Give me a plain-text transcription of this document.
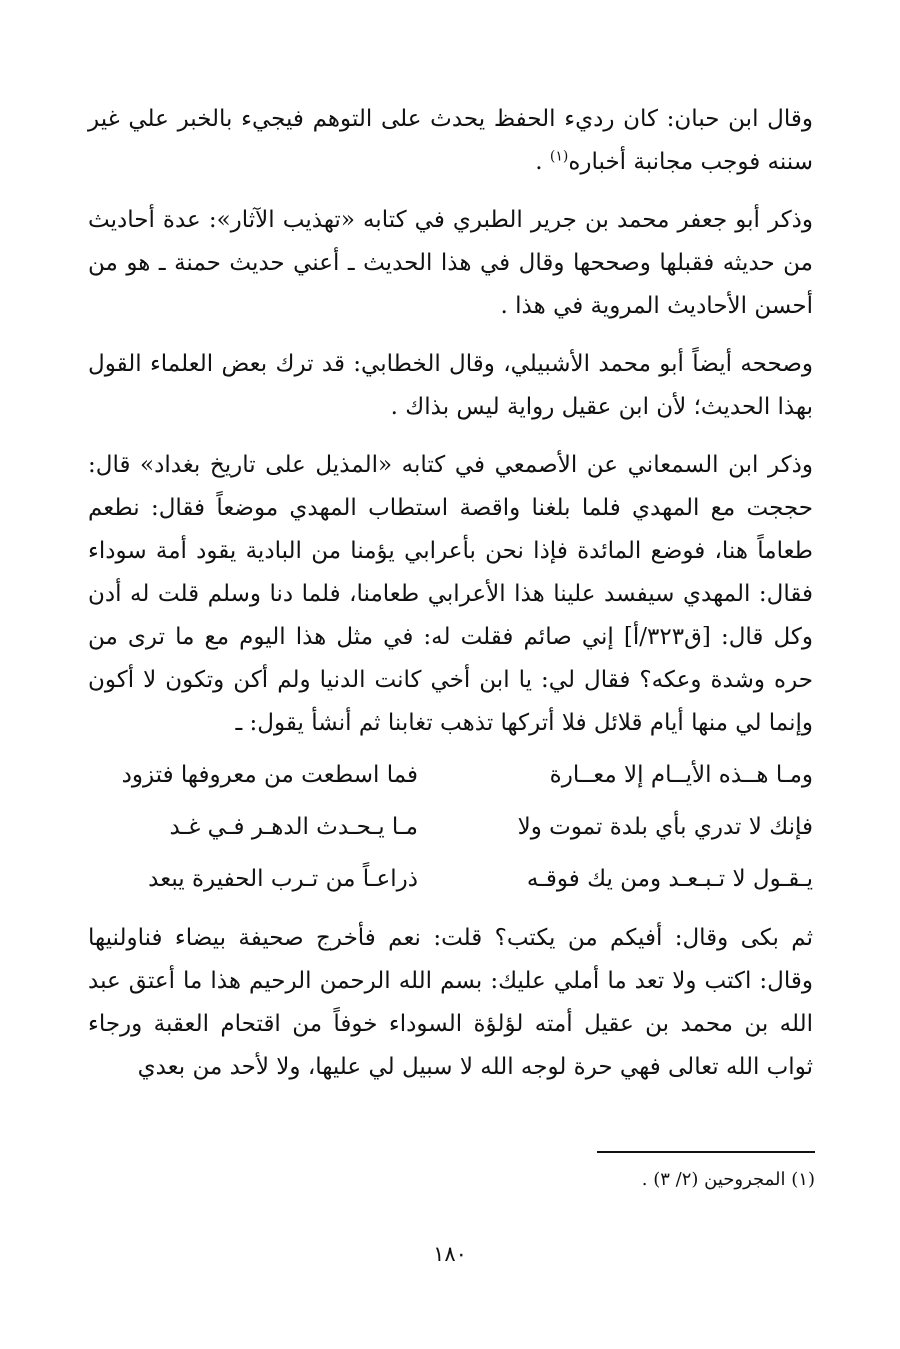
وقال ابن حبان: كان رديء الحفظ يحدث على التوهم فيجيء بالخبر علي غير سننه فوجب مجانبة أخباره$^{(١)}$ .

وذكر أبو جعفر محمد بن جرير الطبري في كتابه «تهذيب الآثار»: عدة أحاديث من حديثه فقبلها وصححها وقال في هذا الحديث ـ أعني حديث حمنة ـ هو من أحسن الأحاديث المروية في هذا .

وصححه أيضاً أبو محمد الأشبيلي، وقال الخطابي: قد ترك بعض العلماء القول بهذا الحديث؛ لأن ابن عقيل رواية ليس بذاك .

وذكر ابن السمعاني عن الأصمعي في كتابه «المذيل على تاريخ بغداد» قال: حججت مع المهدي فلما بلغنا واقصة استطاب المهدي موضعاً فقال: نطعم طعاماً هنا، فوضع المائدة فإذا نحن بأعرابي يؤمنا من البادية يقود أمة سوداء فقال: المهدي سيفسد علينا هذا الأعرابي طعامنا، فلما دنا وسلم قلت له أدن وكل قال: [ق٣٢٣/أ] إني صائم فقلت له: في مثل هذا اليوم مع ما ترى من حره وشدة وعكه؟ فقال لي: يا ابن أخي كانت الدنيا ولم أكن وتكون لا أكون وإنما لي منها أيام قلائل فلا أتركها تذهب تغابنا ثم أنشأ يقول: ـ

ومـا هــذه الأيــام إلا معــارة
فما اسطعت من معروفها فتزود
فإنك لا تدري بأي بلدة تموت ولا
مـا يـحـدث الدهـر فـي غـد
يـقـول لا تـبـعـد ومن يك فوقـه
ذراعـاً من تـرب الحفيرة يبعد

ثم بكى وقال: أفيكم من يكتب؟ قلت: نعم فأخرج صحيفة بيضاء فناولنيها وقال: اكتب ولا تعد ما أملي عليك: بسم الله الرحمن الرحيم هذا ما أعتق عبد الله بن محمد بن عقيل أمته لؤلؤة السوداء خوفاً من اقتحام العقبة ورجاء ثواب الله تعالى فهي حرة لوجه الله لا سبيل لي عليها، ولا لأحد من بعدي

(١) المجروحين (٢/ ٣) .
١٨٠
